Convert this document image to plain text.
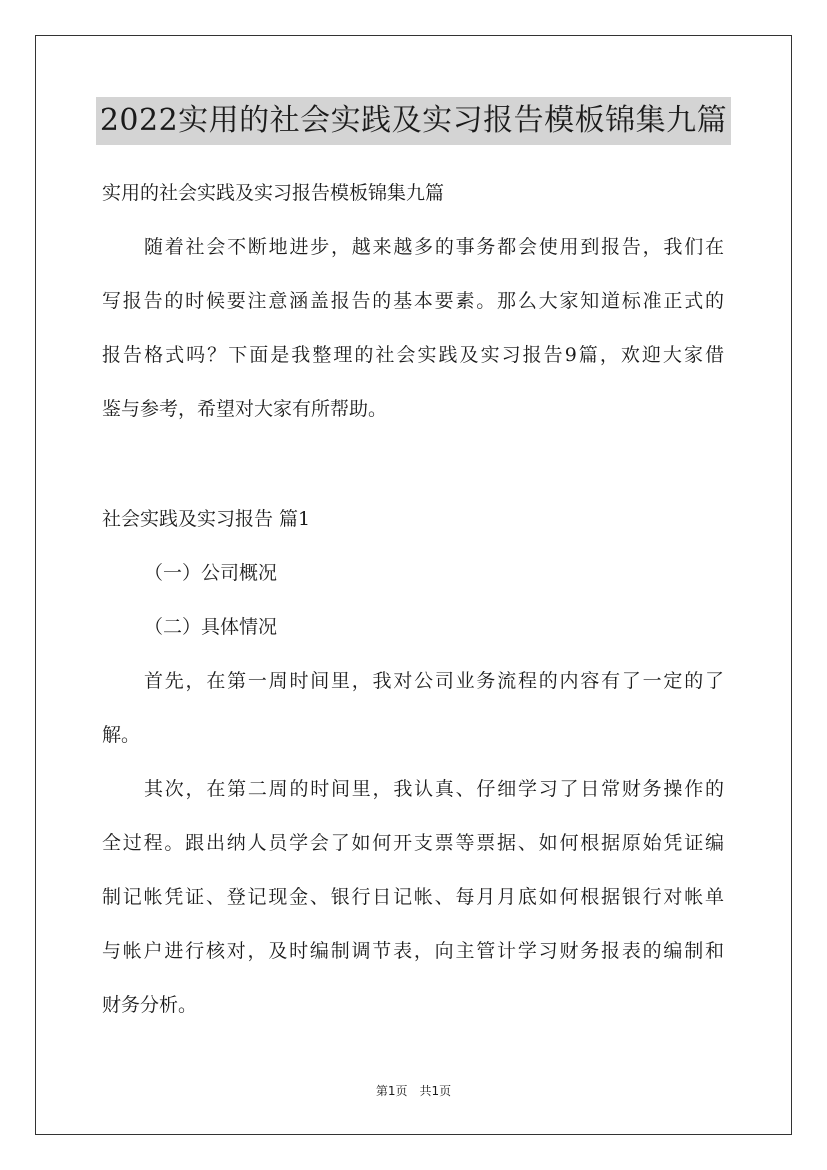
2022实用的社会实践及实习报告模板锦集九篇

实用的社会实践及实习报告模板锦集九篇

随着社会不断地进步，越来越多的事务都会使用到报告，我们在

写报告的时候要注意涵盖报告的基本要素。那么大家知道标准正式的

报告格式吗？下面是我整理的社会实践及实习报告9篇，欢迎大家借

鉴与参考，希望对大家有所帮助。

社会实践及实习报告 篇1

（一）公司概况

（二）具体情况

首先，在第一周时间里，我对公司业务流程的内容有了一定的了

解。

其次，在第二周的时间里，我认真、仔细学习了日常财务操作的

全过程。跟出纳人员学会了如何开支票等票据、如何根据原始凭证编

制记帐凭证、登记现金、银行日记帐、每月月底如何根据银行对帐单

与帐户进行核对，及时编制调节表，向主管计学习财务报表的编制和

财务分析。

第1页　共1页
